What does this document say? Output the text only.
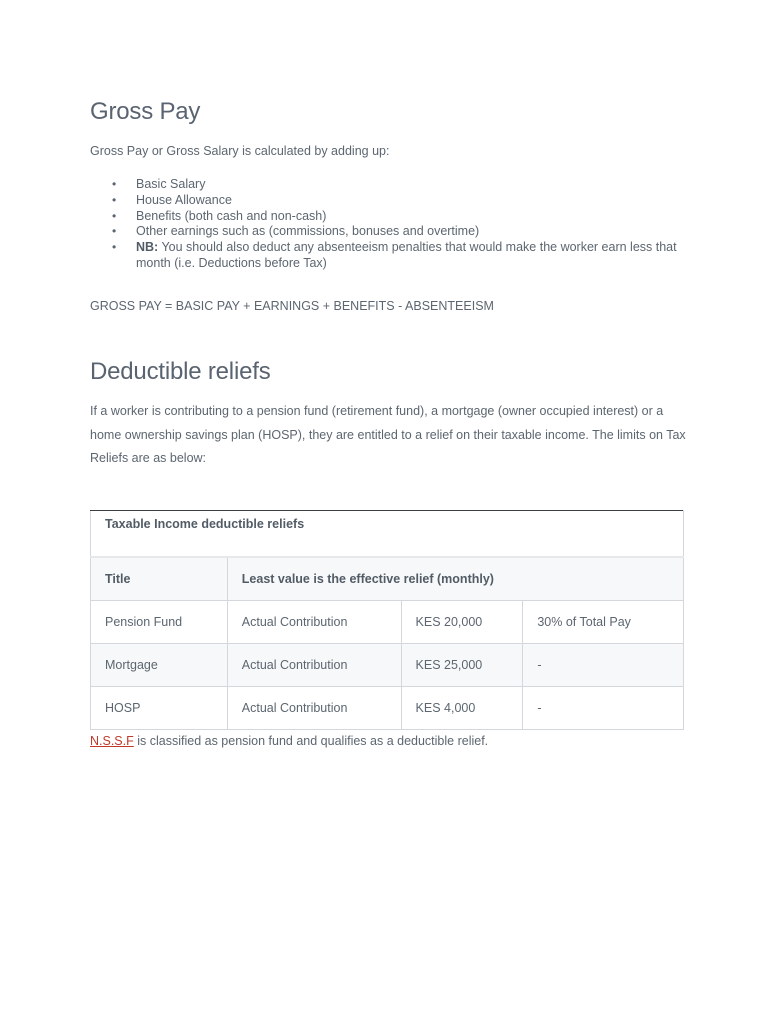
Gross Pay

Gross Pay or Gross Salary is calculated by adding up:

• Basic Salary
• House Allowance
• Benefits (both cash and non-cash)
• Other earnings such as (commissions, bonuses and overtime)
• NB: You should also deduct any absenteeism penalties that would make the worker earn less that month (i.e. Deductions before Tax)

GROSS PAY = BASIC PAY + EARNINGS + BENEFITS - ABSENTEEISM

Deductible reliefs

If a worker is contributing to a pension fund (retirement fund), a mortgage (owner occupied interest) or a home ownership savings plan (HOSP), they are entitled to a relief on their taxable income. The limits on Tax Reliefs are as below:

Taxable Income deductible reliefs			
Title	Least value is the effective relief (monthly)		
Pension Fund	Actual Contribution	KES 20,000	30% of Total Pay
Mortgage	Actual Contribution	KES 25,000	-
HOSP	Actual Contribution	KES 4,000	-

N.S.S.F is classified as pension fund and qualifies as a deductible relief.
